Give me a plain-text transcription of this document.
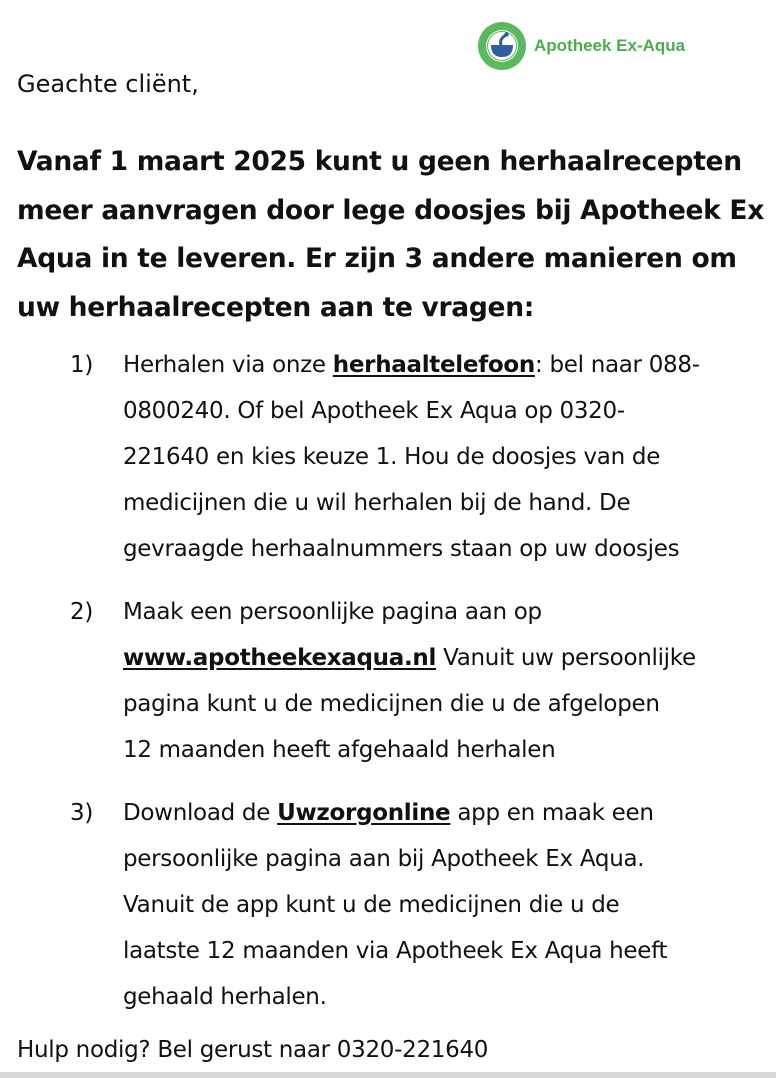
Apotheek Ex-Aqua
Geachte cliënt,
Vanaf 1 maart 2025 kunt u geen herhaalrecepten
meer aanvragen door lege doosjes bij Apotheek Ex
Aqua in te leveren. Er zijn 3 andere manieren om
uw herhaalrecepten aan te vragen:
1) Herhalen via onze herhaaltelefoon: bel naar 088-
0800240. Of bel Apotheek Ex Aqua op 0320-
221640 en kies keuze 1. Hou de doosjes van de
medicijnen die u wil herhalen bij de hand. De
gevraagde herhaalnummers staan op uw doosjes
2) Maak een persoonlijke pagina aan op
www.apotheekexaqua.nl Vanuit uw persoonlijke
pagina kunt u de medicijnen die u de afgelopen
12 maanden heeft afgehaald herhalen
3) Download de Uwzorgonline app en maak een
persoonlijke pagina aan bij Apotheek Ex Aqua.
Vanuit de app kunt u de medicijnen die u de
laatste 12 maanden via Apotheek Ex Aqua heeft
gehaald herhalen.
Hulp nodig? Bel gerust naar 0320-221640
